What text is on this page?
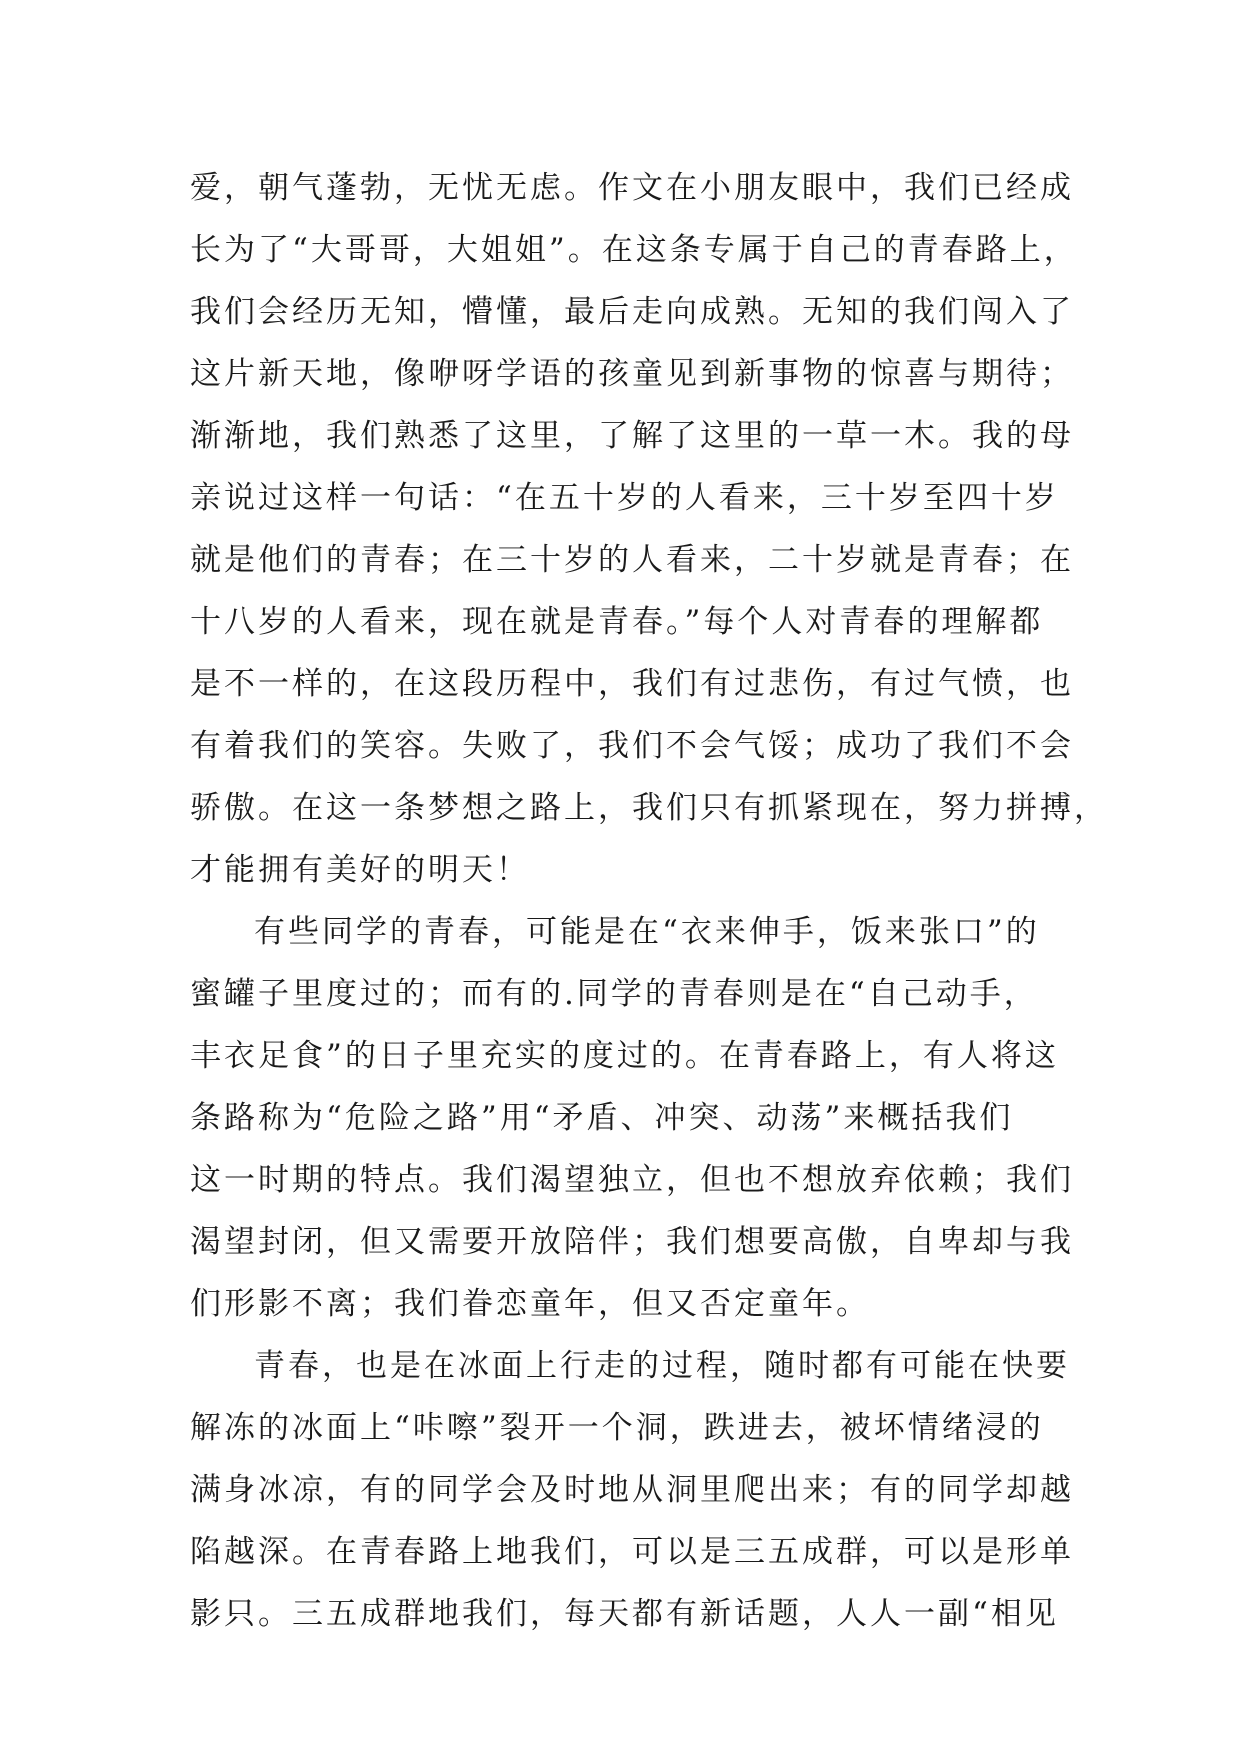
爱，朝气蓬勃，无忧无虑。作文在小朋友眼中，我们已经成
长为了“大哥哥，大姐姐”。在这条专属于自己的青春路上，
我们会经历无知，懵懂，最后走向成熟。无知的我们闯入了
这片新天地，像咿呀学语的孩童见到新事物的惊喜与期待；
渐渐地，我们熟悉了这里，了解了这里的一草一木。我的母
亲说过这样一句话：“在五十岁的人看来，三十岁至四十岁
就是他们的青春；在三十岁的人看来，二十岁就是青春；在
十八岁的人看来，现在就是青春。”每个人对青春的理解都
是不一样的，在这段历程中，我们有过悲伤，有过气愤，也
有着我们的笑容。失败了，我们不会气馁；成功了我们不会
骄傲。在这一条梦想之路上，我们只有抓紧现在，努力拼搏，
才能拥有美好的明天！
有些同学的青春，可能是在“衣来伸手，饭来张口”的
蜜罐子里度过的；而有的.同学的青春则是在“自己动手，
丰衣足食”的日子里充实的度过的。在青春路上，有人将这
条路称为“危险之路”用“矛盾、冲突、动荡”来概括我们
这一时期的特点。我们渴望独立，但也不想放弃依赖；我们
渴望封闭，但又需要开放陪伴；我们想要高傲，自卑却与我
们形影不离；我们眷恋童年，但又否定童年。
青春，也是在冰面上行走的过程，随时都有可能在快要
解冻的冰面上“咔嚓”裂开一个洞，跌进去，被坏情绪浸的
满身冰凉，有的同学会及时地从洞里爬出来；有的同学却越
陷越深。在青春路上地我们，可以是三五成群，可以是形单
影只。三五成群地我们，每天都有新话题，人人一副“相见
